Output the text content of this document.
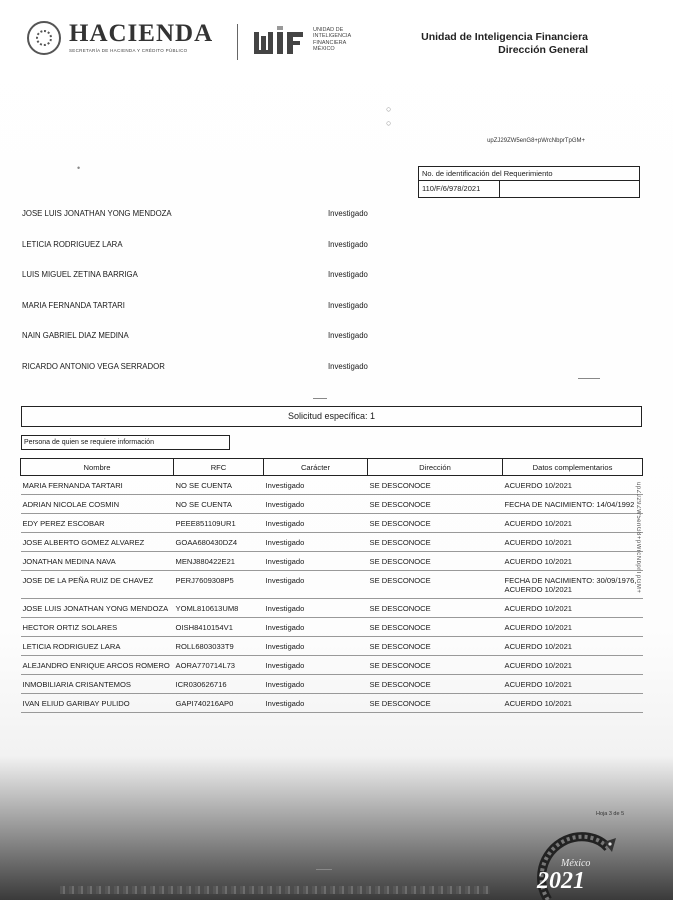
HACIENDA
SECRETARÍA DE HACIENDA Y CRÉDITO PÚBLICO
UNIDAD DE
INTELIGENCIA
FINANCIERA
MÉXICO
Unidad de Inteligencia Financiera
Dirección General
○
○
•
upZJ29ZW5enG8+pWrcNbprTpGM+
No. de identificación del Requerimiento
110/F/6/978/2021
JOSE LUIS JONATHAN YONG MENDOZA	Investigado
LETICIA RODRIGUEZ LARA	Investigado
LUIS MIGUEL ZETINA BARRIGA	Investigado
MARIA FERNANDA TARTARI	Investigado
NAIN GABRIEL DIAZ MEDINA	Investigado
RICARDO ANTONIO VEGA SERRADOR	Investigado
Solicitud específica: 1
Persona de quien se requiere información
Nombre	RFC	Carácter	Dirección	Datos complementarios
MARIA FERNANDA TARTARI	NO SE CUENTA	Investigado	SE DESCONOCE	ACUERDO 10/2021
ADRIAN NICOLAE COSMIN	NO SE CUENTA	Investigado	SE DESCONOCE	FECHA DE NACIMIENTO: 14/04/1992
EDY PEREZ ESCOBAR	PEEE851109UR1	Investigado	SE DESCONOCE	ACUERDO 10/2021
JOSE ALBERTO GOMEZ ALVAREZ	GOAA680430DZ4	Investigado	SE DESCONOCE	ACUERDO 10/2021
JONATHAN MEDINA NAVA	MENJ880422E21	Investigado	SE DESCONOCE	ACUERDO 10/2021
JOSE DE LA PEÑA RUIZ DE CHAVEZ	PERJ7609308P5	Investigado	SE DESCONOCE	FECHA DE NACIMIENTO: 30/09/1976, ACUERDO 10/2021
JOSE LUIS JONATHAN YONG MENDOZA	YOML810613UM8	Investigado	SE DESCONOCE	ACUERDO 10/2021
HECTOR ORTIZ SOLARES	OISH8410154V1	Investigado	SE DESCONOCE	ACUERDO 10/2021
LETICIA RODRIGUEZ LARA	ROLL6803033T9	Investigado	SE DESCONOCE	ACUERDO 10/2021
ALEJANDRO ENRIQUE ARCOS ROMERO	AORA770714L73	Investigado	SE DESCONOCE	ACUERDO 10/2021
INMOBILIARIA CRISANTEMOS	ICR030626716	Investigado	SE DESCONOCE	ACUERDO 10/2021
IVAN ELIUD GARIBAY PULIDO	GAPI740216AP0	Investigado	SE DESCONOCE	ACUERDO 10/2021
upZJ29ZW5enG8+pWrcNbprTpGM+
Hoja 3 de 5
México
2021
